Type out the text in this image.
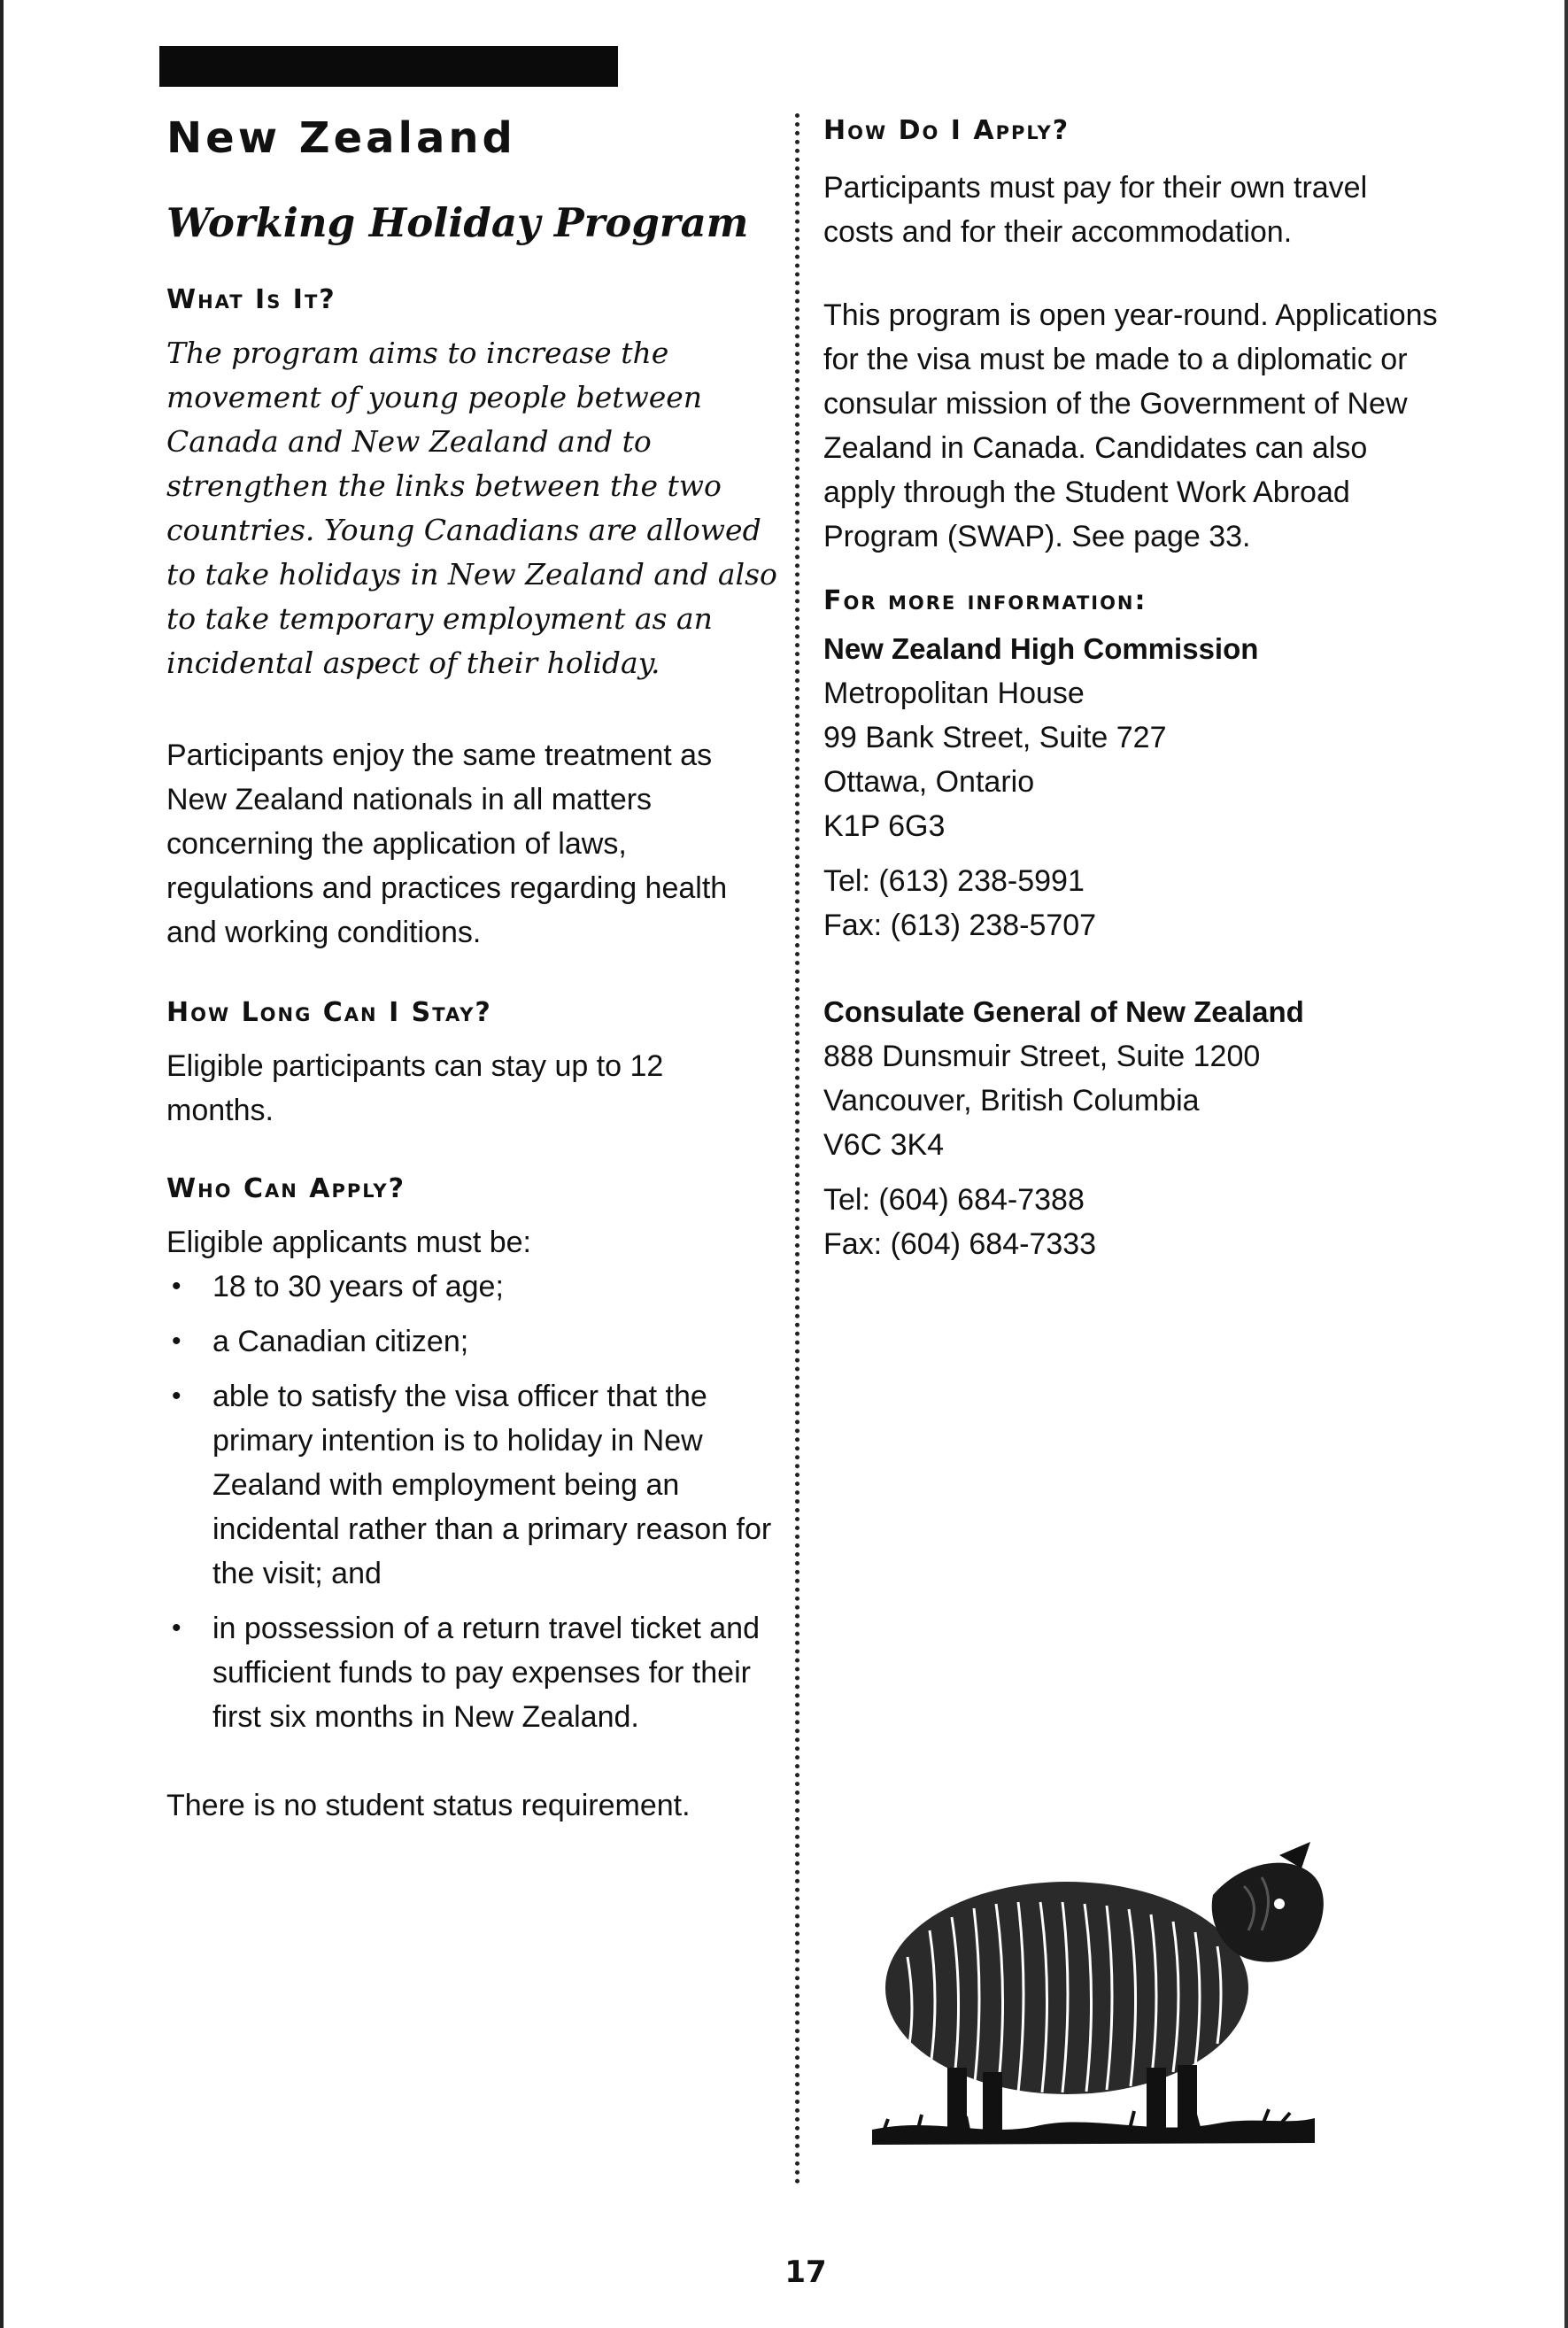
New Zealand
Working Holiday Program
What Is It?

The program aims to increase the movement of young people between Canada and New Zealand and to strengthen the links between the two countries. Young Canadians are allowed to take holidays in New Zealand and also to take temporary employment as an incidental aspect of their holiday.

Participants enjoy the same treatment as New Zealand nationals in all matters concerning the application of laws, regulations and practices regarding health and working conditions.

How Long Can I Stay?

Eligible participants can stay up to 12 months.

Who Can Apply?

Eligible applicants must be:

• 18 to 30 years of age;
• a Canadian citizen;
• able to satisfy the visa officer that the primary intention is to holiday in New Zealand with employment being an incidental rather than a primary reason for the visit; and
• in possession of a return travel ticket and sufficient funds to pay expenses for their first six months in New Zealand.

There is no student status requirement.

How Do I Apply?

Participants must pay for their own travel costs and for their accommodation.

This program is open year-round. Applications for the visa must be made to a diplomatic or consular mission of the Government of New Zealand in Canada. Candidates can also apply through the Student Work Abroad Program (SWAP). See page 33.

For more information:
New Zealand High Commission
Metropolitan House
99 Bank Street, Suite 727
Ottawa, Ontario
K1P 6G3
Tel: (613) 238-5991
Fax: (613) 238-5707
Consulate General of New Zealand
888 Dunsmuir Street, Suite 1200
Vancouver, British Columbia
V6C 3K4
Tel: (604) 684-7388
Fax: (604) 684-7333
17
